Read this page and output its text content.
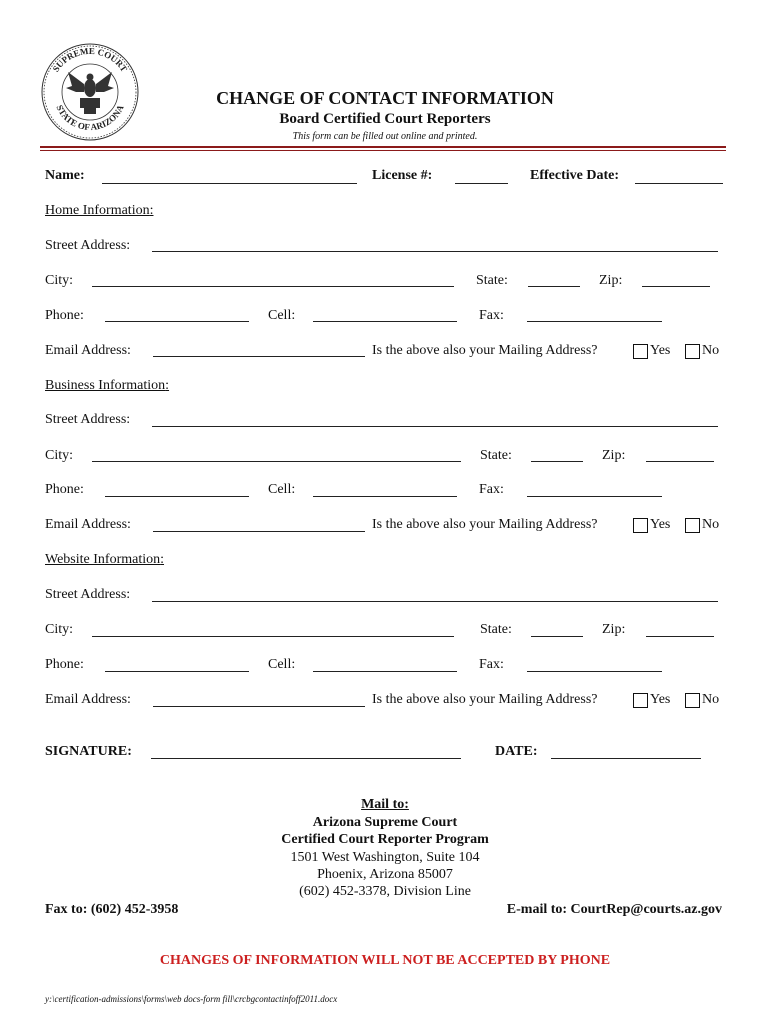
SUPREME COURT
STATE OF ARIZONA
CHANGE OF CONTACT INFORMATION
Board Certified Court Reporters
This form can be filled out online and printed.
Name:	License #:	Effective Date:
Home Information:
Street Address:
City:	State:	Zip:
Phone:	Cell:	Fax:
Email Address:	Is the above also your Mailing Address?	Yes No
Business Information:
Street Address:
City:	State:	Zip:
Phone:	Cell:	Fax:
Email Address:	Is the above also your Mailing Address?	Yes No
Website Information:
Street Address:
City:	State:	Zip:
Phone:	Cell:	Fax:
Email Address:	Is the above also your Mailing Address?	Yes No
SIGNATURE:	DATE:
Mail to:
Arizona Supreme Court
Certified Court Reporter Program
1501 West Washington, Suite 104
Phoenix, Arizona 85007
(602) 452-3378, Division Line
Fax to: (602) 452-3958	E-mail to: CourtRep@courts.az.gov
CHANGES OF INFORMATION WILL NOT BE ACCEPTED BY PHONE
y:\certification-admissions\forms\web docs-form fill\crcbgcontactinfoff2011.docx
